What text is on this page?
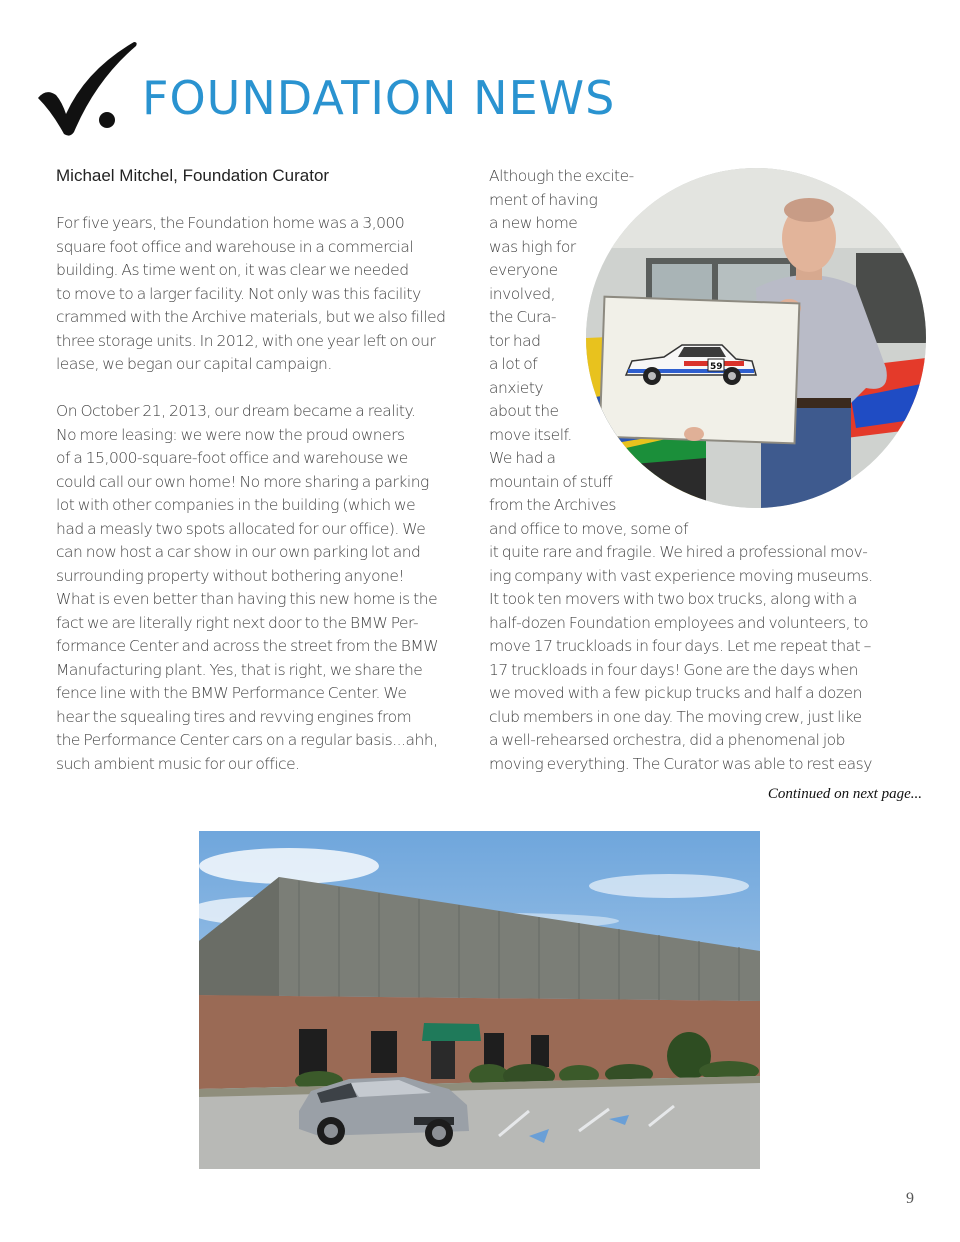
FOUNDATION NEWS
Michael Mitchel, Foundation Curator
For five years, the Foundation home was a 3,000
square foot office and warehouse in a commercial
building. As time went on, it was clear we needed
to move to a larger facility. Not only was this facility
crammed with the Archive materials, but we also filled
three storage units. In 2012, with one year left on our
lease, we began our capital campaign.
On October 21, 2013, our dream became a reality.
No more leasing: we were now the proud owners
of a 15,000-square-foot office and warehouse we
could call our own home! No more sharing a parking
lot with other companies in the building (which we
had a measly two spots allocated for our office). We
can now host a car show in our own parking lot and
surrounding property without bothering anyone!
What is even better than having this new home is the
fact we are literally right next door to the BMW Per-
formance Center and across the street from the BMW
Manufacturing plant. Yes, that is right, we share the
fence line with the BMW Performance Center. We
hear the squealing tires and revving engines from
the Performance Center cars on a regular basis...ahh,
such ambient music for our office.
Although the excite-
ment of having
a new home
was high for
everyone
involved,
the Cura-
tor had
a lot of
anxiety
about the
move itself.
We had a
mountain of stuff
from the Archives
and office to move, some of
it quite rare and fragile. We hired a professional mov-
ing company with vast experience moving museums.
It took ten movers with two box trucks, along with a
half-dozen Foundation employees and volunteers, to
move 17 truckloads in four days. Let me repeat that –
17 truckloads in four days! Gone are the days when
we moved with a few pickup trucks and half a dozen
club members in one day. The moving crew, just like
a well-rehearsed orchestra, did a phenomenal job
moving everything. The Curator was able to rest easy
59
Continued on next page...
9
